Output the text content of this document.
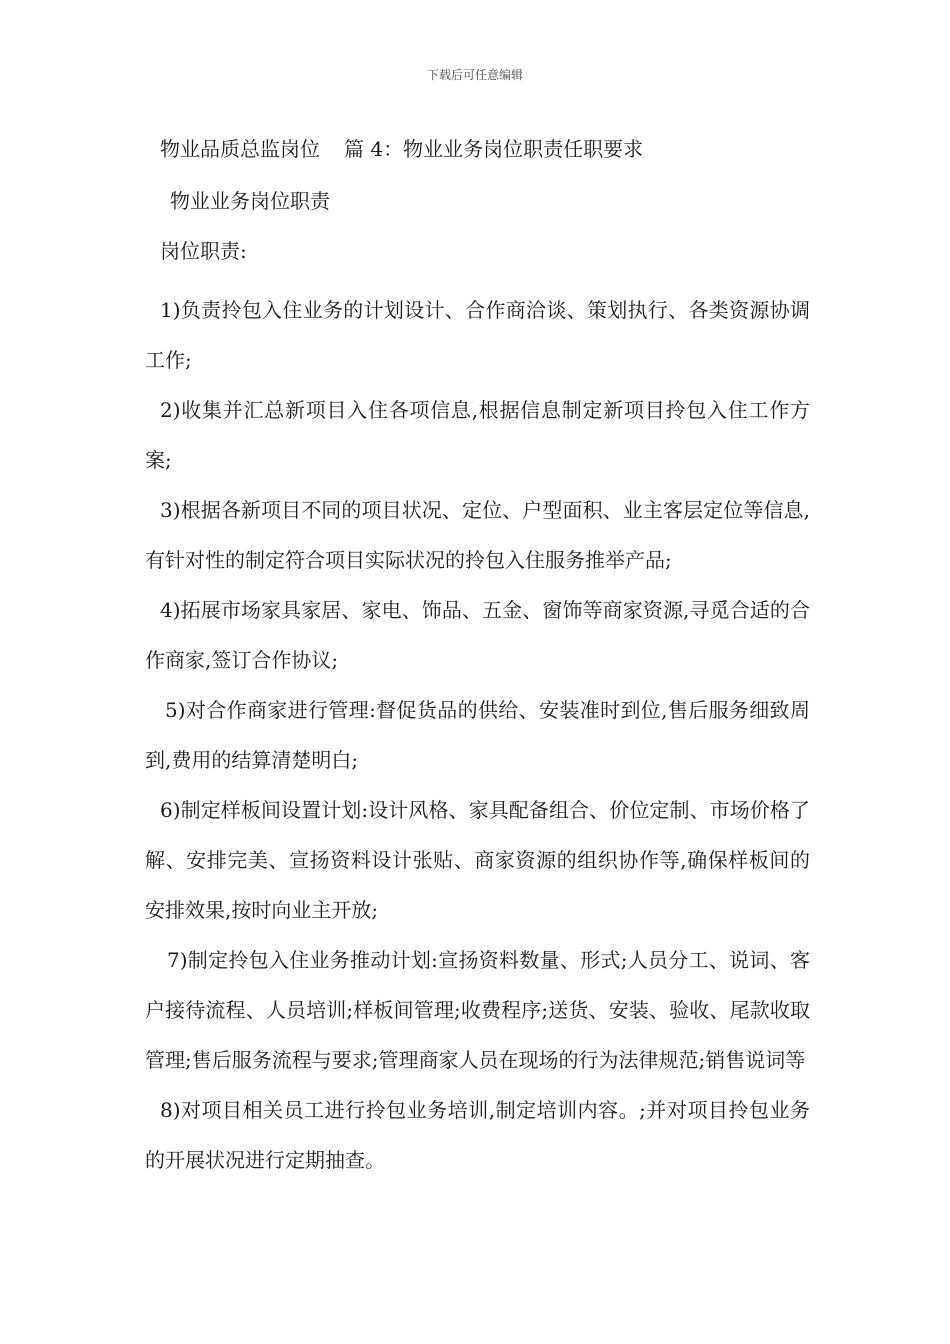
下载后可任意编辑
物业品质总监岗位 篇 4：物业业务岗位职责任职要求
物业业务岗位职责
岗位职责:

1)负责拎包入住业务的计划设计、合作商洽谈、策划执行、各类资源协调工作;

2)收集并汇总新项目入住各项信息,根据信息制定新项目拎包入住工作方案;

3)根据各新项目不同的项目状况、定位、户型面积、业主客层定位等信息,有针对性的制定符合项目实际状况的拎包入住服务推举产品;

4)拓展市场家具家居、家电、饰品、五金、窗饰等商家资源,寻觅合适的合作商家,签订合作协议;

5)对合作商家进行管理:督促货品的供给、安装准时到位,售后服务细致周到,费用的结算清楚明白;

6)制定样板间设置计划:设计风格、家具配备组合、价位定制、市场价格了解、安排完美、宣扬资料设计张贴、商家资源的组织协作等,确保样板间的安排效果,按时向业主开放;

7)制定拎包入住业务推动计划:宣扬资料数量、形式;人员分工、说词、客户接待流程、人员培训;样板间管理;收费程序;送货、安装、验收、尾款收取管理;售后服务流程与要求;管理商家人员在现场的行为法律规范;销售说词等

8)对项目相关员工进行拎包业务培训,制定培训内容。;并对项目拎包业务的开展状况进行定期抽查。
